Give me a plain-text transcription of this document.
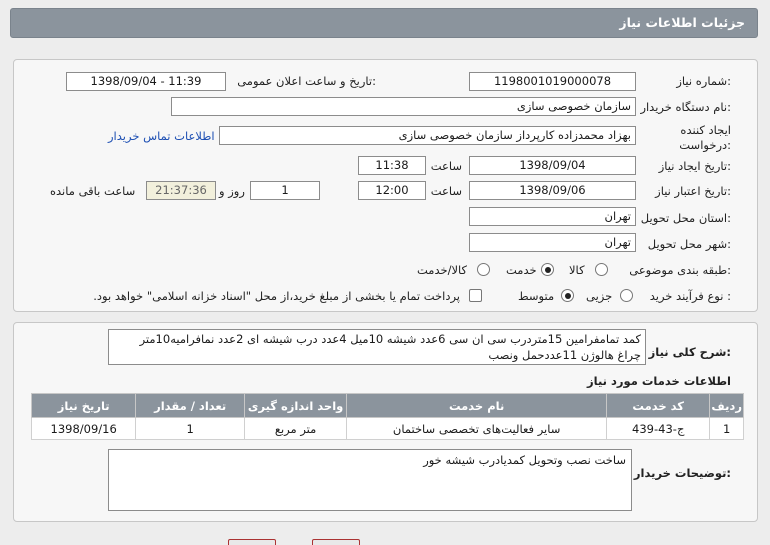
جزئیات اطلاعات نیاز
شماره نیاز:
1198001019000078
تاریخ و ساعت اعلان عمومی:
1398/09/04 - 11:39
نام دستگاه خریدار:
سازمان خصوصی سازی
ایجاد کننده
درخواست:
بهزاد محمدزاده کارپرداز سازمان خصوصی سازی
اطلاعات تماس خریدار
تاریخ ایجاد نیاز:
1398/09/04
ساعت
11:38
تاریخ اعتبار نیاز:
1398/09/06
ساعت
12:00
1
روز و
21:37:36
ساعت باقی مانده
استان محل تحویل:
تهران
شهر محل تحویل:
تهران
طبقه بندی موضوعی:
کالا
خدمت
کالا/خدمت
نوع فرآیند خرید :
جزیی
متوسط
پرداخت تمام یا بخشی از مبلغ خرید،از محل "اسناد خزانه اسلامی" خواهد بود.
شرح کلی نیاز:
کمد تمامفرامین 15متردرب سی ان سی 6عدد شیشه 10میل 4عدد درب شیشه ای 2عدد نمافرامیه10متر
چراغ هالوژن 11عددحمل ونصب
اطلاعات خدمات مورد نیاز
تاریخ نیاز	تعداد / مقدار	واحد اندازه گیری	نام خدمت	کد خدمت	ردیف
1398/09/16	1	متر مربع	سایر فعالیت‌های تخصصی ساختمان	ج-43-439	1
توضیحات خریدار:
ساخت نصب وتحویل کمدیادرب شیشه خور
